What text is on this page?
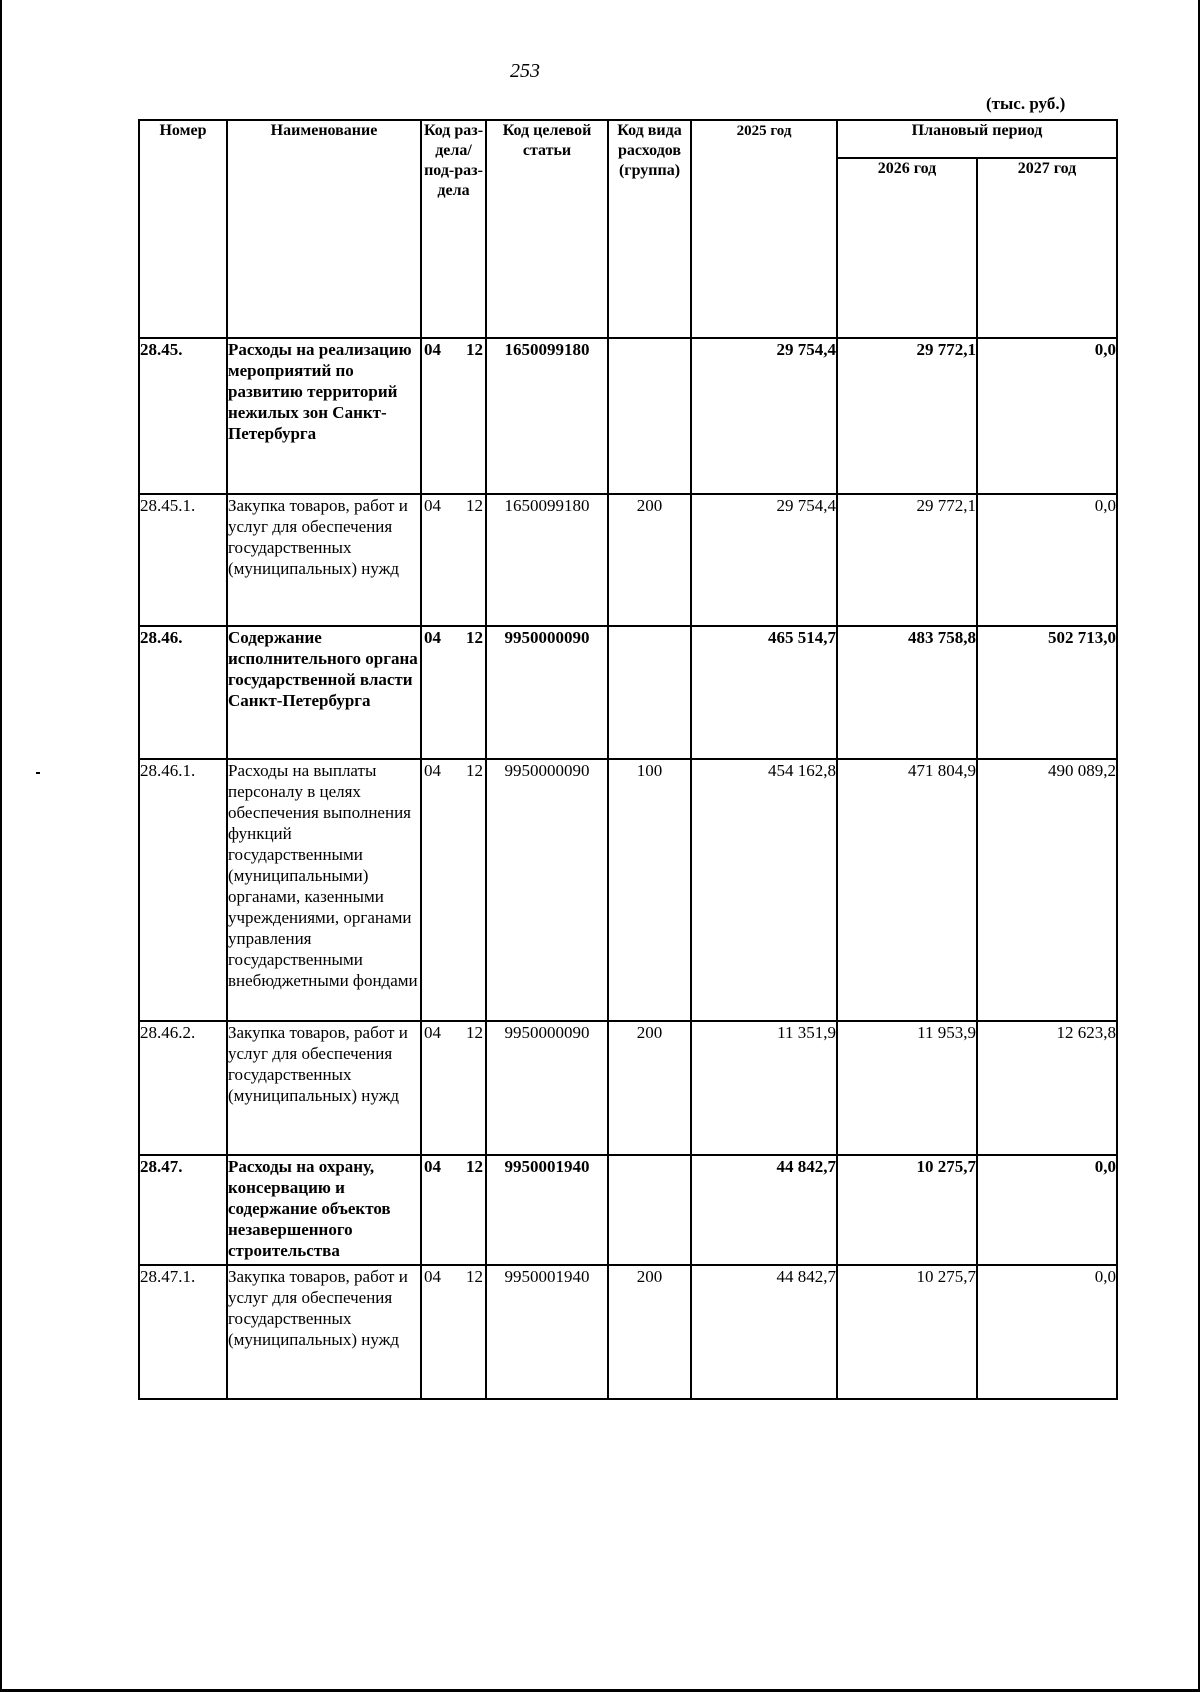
253
(тыс. руб.)
Номер	Наименование	Код раз-дела/ под-раз-дела	Код целевой статьи	Код вида расходов (группа)	2025 год	Плановый период	
						2026 год	2027 год
28.45.	Расходы на реализацию мероприятий по развитию территорий нежилых зон Санкт-Петербурга	04 12	1650099180		29 754,4	29 772,1	0,0
28.45.1.	Закупка товаров, работ и услуг для обеспечения государственных (муниципальных) нужд	04 12	1650099180	200	29 754,4	29 772,1	0,0
28.46.	Содержание исполнительного органа государственной власти Санкт-Петербурга	04 12	9950000090		465 514,7	483 758,8	502 713,0
28.46.1.	Расходы на выплаты персоналу в целях обеспечения выполнения функций государственными (муниципальными) органами, казенными учреждениями, органами управления государственными внебюджетными фондами	04 12	9950000090	100	454 162,8	471 804,9	490 089,2
28.46.2.	Закупка товаров, работ и услуг для обеспечения государственных (муниципальных) нужд	04 12	9950000090	200	11 351,9	11 953,9	12 623,8
28.47.	Расходы на охрану, консервацию и содержание объектов незавершенного строительства	04 12	9950001940		44 842,7	10 275,7	0,0
28.47.1.	Закупка товаров, работ и услуг для обеспечения государственных (муниципальных) нужд	04 12	9950001940	200	44 842,7	10 275,7	0,0
